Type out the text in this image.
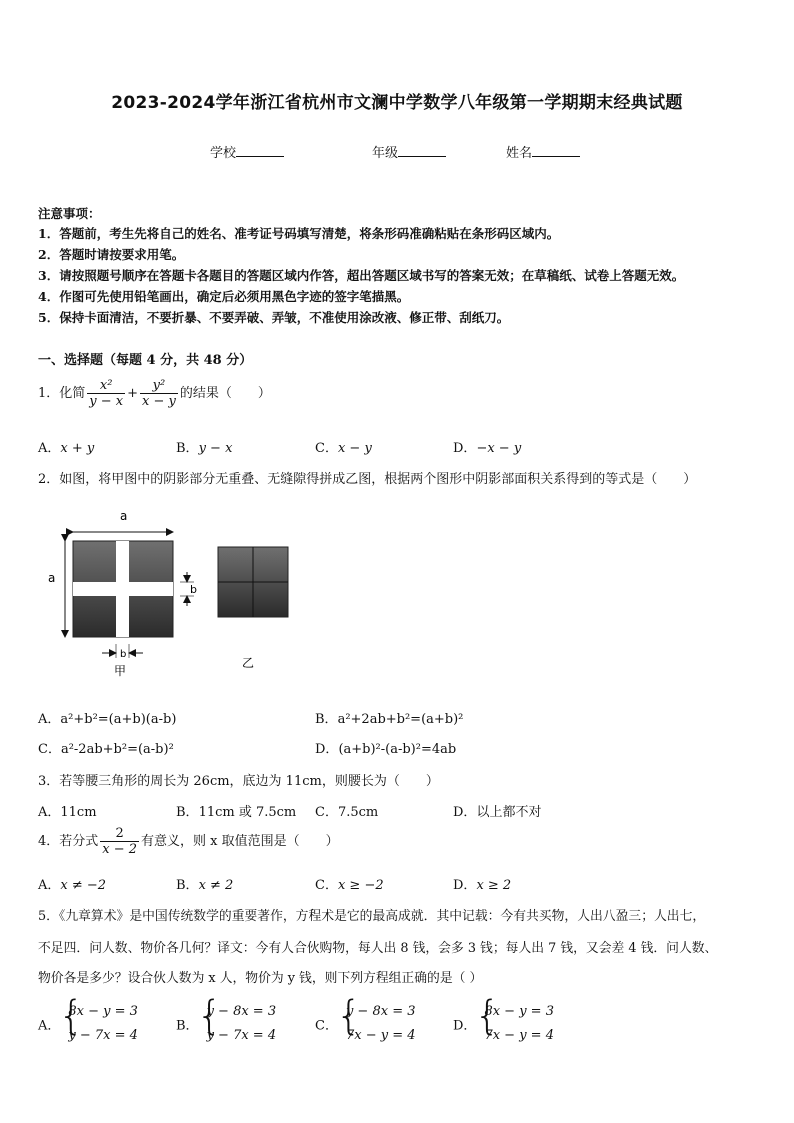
2023-2024学年浙江省杭州市文澜中学数学八年级第一学期期末经典试题
学校	年级	姓名
注意事项：
1．答题前，考生先将自己的姓名、准考证号码填写清楚，将条形码准确粘贴在条形码区域内。
2．答题时请按要求用笔。
3．请按照题号顺序在答题卡各题目的答题区域内作答，超出答题区域书写的答案无效；在草稿纸、试卷上答题无效。
4．作图可先使用铅笔画出，确定后必须用黑色字迹的签字笔描黑。
5．保持卡面清洁，不要折暴、不要弄破、弄皱，不准使用涂改液、修正带、刮纸刀。
一、选择题（每题 4 分，共 48 分）
1．化简 $\frac{\text{x²}}{y - x} + \frac{\text{y²}}{x - y}$ 的结果（　　）
A．x + y	B．y − x	C．x − y	D．−x − y
2．如图，将甲图中的阴影部分无重叠、无缝隙得拼成乙图，根据两个图形中阴影部面积关系得到的等式是（　　）
a
a
b
b
甲
乙
A．a²+b²=(a+b)(a-b)	B．a²+2ab+b²=(a+b)²
C．a²-2ab+b²=(a-b)²	D．(a+b)²-(a-b)²=4ab
3．若等腰三角形的周长为 26cm，底边为 11cm，则腰长为（　　）
A．11cm	B．11cm 或 7.5cm C．7.5cm	D．以上都不对
4．若分式 $\frac{2}{x - 2}$ 有意义，则 x 取值范围是（　　）
A．x ≠ −2	B．x ≠ 2	C．x ≥ −2	D．x ≥ 2
5．《九章算术》是中国传统数学的重要著作，方程术是它的最高成就．其中记载：今有共买物，人出八盈三；人出七，
不足四．问人数、物价各几何？译文：今有人合伙购物，每人出 8 钱，会多 3 钱；每人出 7 钱，又会差 4 钱．问人数、
物价各是多少？设合伙人数为 x 人，物价为 y 钱，则下列方程组正确的是（ ）
A．
{
8x − y = 3
y − 7x = 4
B．
{
y − 8x = 3
y − 7x = 4
C．
{
y − 8x = 3
7x − y = 4
D．
{
8x − y = 3
7x − y = 4
